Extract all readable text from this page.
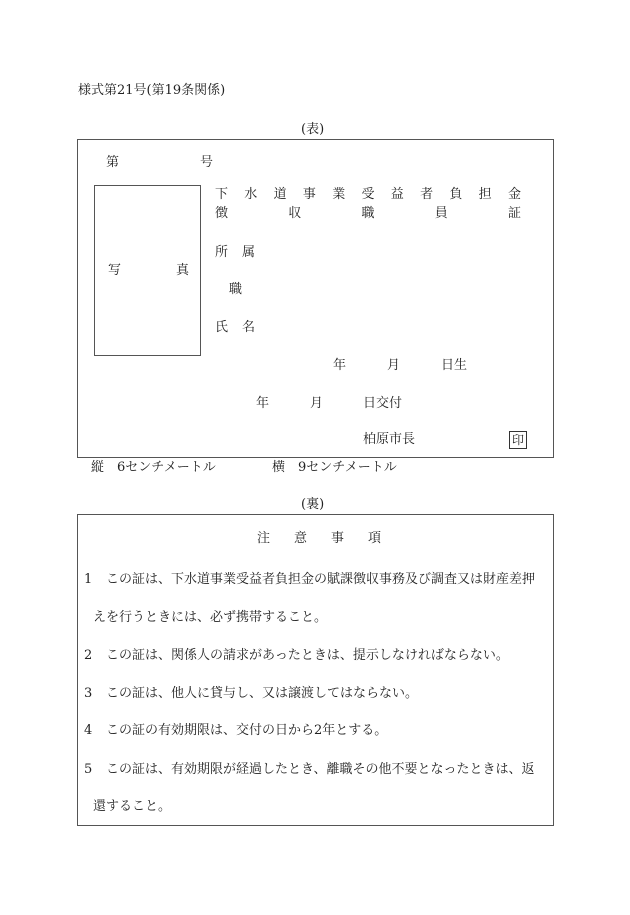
様式第21号(第19条関係)
(表)
第	号
写	真
下 水 道 事 業 受 益 者 負 担 金
徴	収	職	員	証
所 属
職
氏 名
年	月	日生
年	月	日交付
柏原市長	印
縦　6センチメートル	横　9センチメートル
(裏)
注 意 事 項
1 この証は、下水道事業受益者負担金の賦課徴収事務及び調査又は財産差押
えを行うときには、必ず携帯すること。
2 この証は、関係人の請求があったときは、提示しなければならない。
3 この証は、他人に貸与し、又は譲渡してはならない。
4 この証の有効期限は、交付の日から2年とする。
5 この証は、有効期限が経過したとき、離職その他不要となったときは、返
還すること。
